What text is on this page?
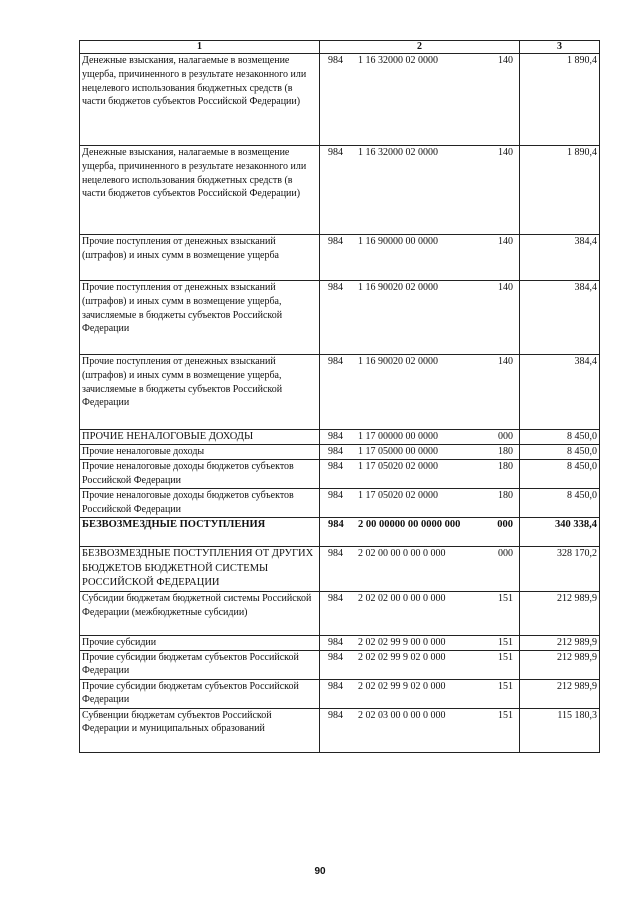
1	2	3
Денежные взыскания, налагаемые в возмещение ущерба, причиненного в результате незаконного или нецелевого использования бюджетных средств (в части бюджетов субъектов Российской Федерации)	984 1 16 32000 02 0000 140	1 890,4
Денежные взыскания, налагаемые в возмещение ущерба, причиненного в результате незаконного или нецелевого использования бюджетных средств (в части бюджетов субъектов Российской Федерации)	984 1 16 32000 02 0000 140	1 890,4
Прочие поступления от денежных взысканий (штрафов) и иных сумм в возмещение ущерба	984 1 16 90000 00 0000 140	384,4
Прочие поступления от денежных взысканий (штрафов) и иных сумм в возмещение ущерба, зачисляемые в бюджеты субъектов Российской Федерации	984 1 16 90020 02 0000 140	384,4
Прочие поступления от денежных взысканий (штрафов) и иных сумм в возмещение ущерба, зачисляемые в бюджеты субъектов Российской Федерации	984 1 16 90020 02 0000 140	384,4
ПРОЧИЕ НЕНАЛОГОВЫЕ ДОХОДЫ	984 1 17 00000 00 0000 000	8 450,0
Прочие неналоговые доходы	984 1 17 05000 00 0000 180	8 450,0
Прочие неналоговые доходы бюджетов субъектов Российской Федерации	984 1 17 05020 02 0000 180	8 450,0
Прочие неналоговые доходы бюджетов субъектов Российской Федерации	984 1 17 05020 02 0000 180	8 450,0
БЕЗВОЗМЕЗДНЫЕ ПОСТУПЛЕНИЯ	984 2 00 00000 00 0000 000 000	340 338,4
БЕЗВОЗМЕЗДНЫЕ ПОСТУПЛЕНИЯ ОТ ДРУГИХ БЮДЖЕТОВ БЮДЖЕТНОЙ СИСТЕМЫ РОССИЙСКОЙ ФЕДЕРАЦИИ	984 2 02 00 00 0 00 0 000 000	328 170,2
Субсидии бюджетам бюджетной системы Российской Федерации (межбюджетные субсидии)	984 2 02 02 00 0 00 0 000 151	212 989,9
Прочие субсидии	984 2 02 02 99 9 00 0 000 151	212 989,9
Прочие субсидии бюджетам субъектов Российской Федерации	984 2 02 02 99 9 02 0 000 151	212 989,9
Прочие субсидии бюджетам субъектов Российской Федерации	984 2 02 02 99 9 02 0 000 151	212 989,9
Субвенции бюджетам субъектов Российской Федерации и муниципальных образований	984 2 02 03 00 0 00 0 000 151	115 180,3
90
